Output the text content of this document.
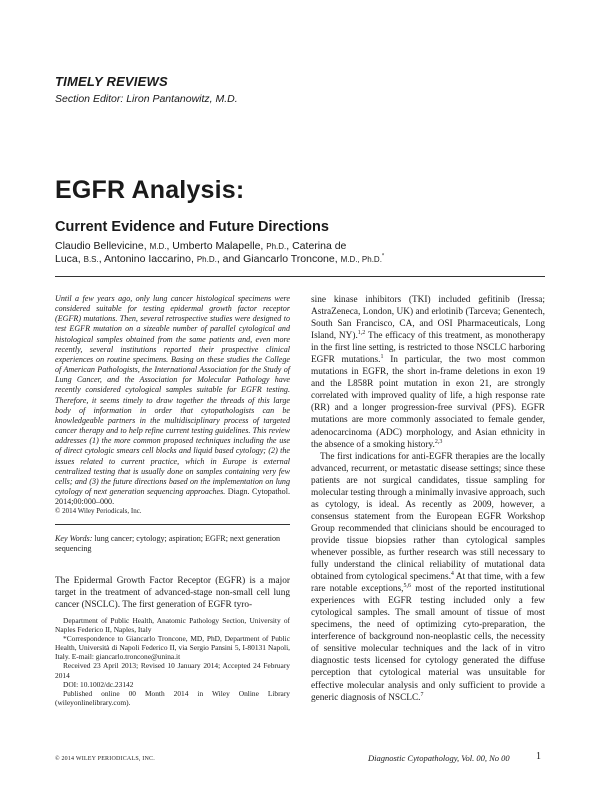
TIMELY REVIEWS
Section Editor: Liron Pantanowitz, M.D.
EGFR Analysis:
Current Evidence and Future Directions
Claudio Bellevicine, M.D., Umberto Malapelle, Ph.D., Caterina de
Luca, B.S., Antonino Iaccarino, Ph.D., and Giancarlo Troncone, M.D., Ph.D.*

Until a few years ago, only lung cancer histological specimens were considered suitable for testing epidermal growth factor receptor (EGFR) mutations. Then, several retrospective studies were designed to test EGFR mutation on a sizeable number of parallel cytological and histological samples obtained from the same patients and, even more recently, several institutions reported their prospective clinical experiences on routine specimens. Basing on these studies the College of American Pathologists, the International Association for the Study of Lung Cancer, and the Association for Molecular Pathology have recently considered cytological samples suitable for EGFR testing. Therefore, it seems timely to draw together the threads of this large body of information in order that cytopathologists can be knowledgeable partners in the multidisciplinary process of targeted cancer therapy and to help refine current testing guidelines. This review addresses (1) the more common proposed techniques including the use of direct cytologic smears cell blocks and liquid based cytology; (2) the issues related to current practice, which in Europe is external centralized testing that is usually done on samples containing very few cells; and (3) the future directions based on the implementation on lung cytology of next generation sequencing approaches. Diagn. Cytopathol. 2014;00:000–000.

© 2014 Wiley Periodicals, Inc.
Key Words: lung cancer; cytology; aspiration; EGFR; next generation sequencing

The Epidermal Growth Factor Receptor (EGFR) is a major target in the treatment of advanced-stage non-small cell lung cancer (NSCLC). The first generation of EGFR tyro-

Department of Public Health, Anatomic Pathology Section, University of Naples Federico II, Naples, Italy

*Correspondence to Giancarlo Troncone, MD, PhD, Department of Public Health, Università di Napoli Federico II, via Sergio Pansini 5, I-80131 Napoli, Italy. E-mail: giancarlo.troncone@unina.it

Received 23 April 2013; Revised 10 January 2014; Accepted 24 February 2014

DOI: 10.1002/dc.23142

Published online 00 Month 2014 in Wiley Online Library (wileyonlinelibrary.com).

sine kinase inhibitors (TKI) included gefitinib (Iressa; AstraZeneca, London, UK) and erlotinib (Tarceva; Genentech, South San Francisco, CA, and OSI Pharmaceuticals, Long Island, NY).$^{1,2}$ The efficacy of this treatment, as monotherapy in the first line setting, is restricted to those NSCLC harboring EGFR mutations.$^1$ In particular, the two most common mutations in EGFR, the short in-frame deletions in exon 19 and the L858R point mutation in exon 21, are strongly correlated with improved quality of life, a high response rate (RR) and a longer progression-free survival (PFS). EGFR mutations are more commonly associated to female gender, adenocarcinoma (ADC) morphology, and Asian ethnicity in the absence of a smoking history.$^{2,3}$

The first indications for anti-EGFR therapies are the locally advanced, recurrent, or metastatic disease settings; since these patients are not surgical candidates, tissue sampling for molecular testing through a minimally invasive approach, such as cytology, is ideal. As recently as 2009, however, a consensus statement from the European EGFR Workshop Group recommended that clinicians should be encouraged to provide tissue biopsies rather than cytological samples whenever possible, as further research was still necessary to fully understand the clinical reliability of mutational data obtained from cytological specimens.$^4$ At that time, with a few rare notable exceptions,$^{5,6}$ most of the reported institutional experiences with EGFR testing included only a few cytological samples. The small amount of tissue of most specimens, the need of optimizing cyto-preparation, the interference of background non-neoplastic cells, the necessity of sensitive molecular techniques and the lack of in vitro diagnostic tests licensed for cytology generated the diffuse perception that cytological material was unsuitable for effective molecular analysis and only sufficient to provide a generic diagnosis of NSCLC.$^7$

© 2014 WILEY PERIODICALS, INC.	Diagnostic Cytopathology, Vol. 00, No 00	1
